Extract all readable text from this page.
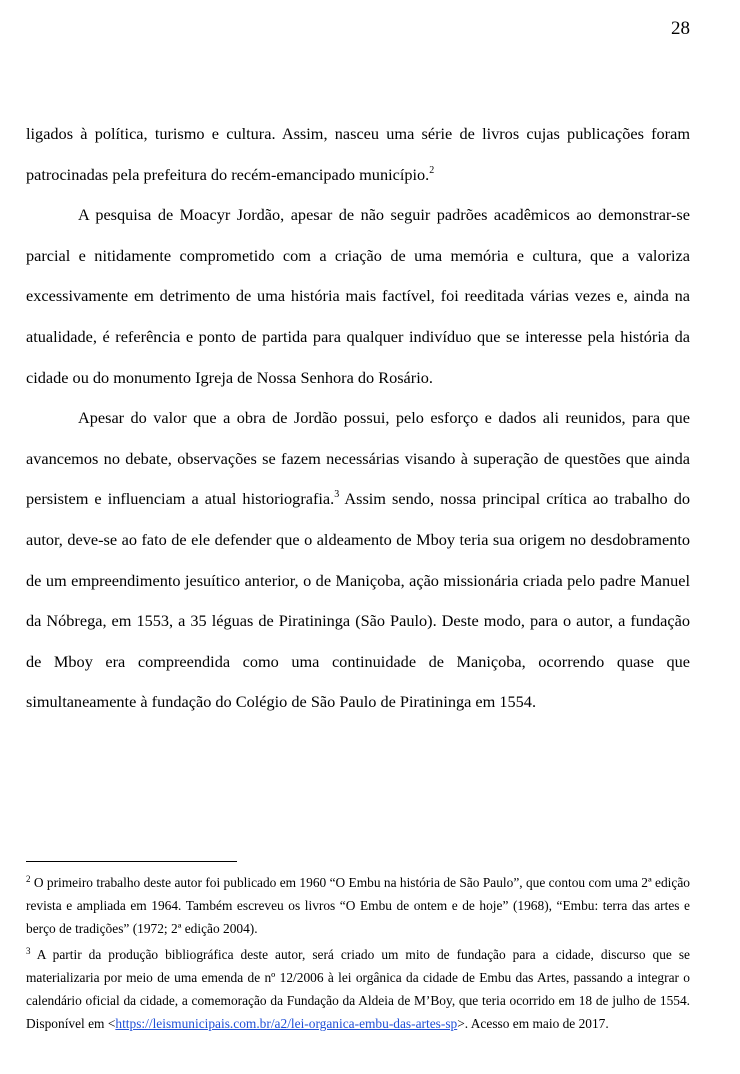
28

ligados à política, turismo e cultura. Assim, nasceu uma série de livros cujas publicações foram patrocinadas pela prefeitura do recém-emancipado município.$^2$

A pesquisa de Moacyr Jordão, apesar de não seguir padrões acadêmicos ao demonstrar-se parcial e nitidamente comprometido com a criação de uma memória e cultura, que a valoriza excessivamente em detrimento de uma história mais factível, foi reeditada várias vezes e, ainda na atualidade, é referência e ponto de partida para qualquer indivíduo que se interesse pela história da cidade ou do monumento Igreja de Nossa Senhora do Rosário.

Apesar do valor que a obra de Jordão possui, pelo esforço e dados ali reunidos, para que avancemos no debate, observações se fazem necessárias visando à superação de questões que ainda persistem e influenciam a atual historiografia.$^3$ Assim sendo, nossa principal crítica ao trabalho do autor, deve-se ao fato de ele defender que o aldeamento de Mboy teria sua origem no desdobramento de um empreendimento jesuítico anterior, o de Maniçoba, ação missionária criada pelo padre Manuel da Nóbrega, em 1553, a 35 léguas de Piratininga (São Paulo). Deste modo, para o autor, a fundação de Mboy era compreendida como uma continuidade de Maniçoba, ocorrendo quase que simultaneamente à fundação do Colégio de São Paulo de Piratininga em 1554.

$^2$ O primeiro trabalho deste autor foi publicado em 1960 “O Embu na história de São Paulo”, que contou com uma 2ª edição revista e ampliada em 1964. Também escreveu os livros “O Embu de ontem e de hoje” (1968), “Embu: terra das artes e berço de tradições” (1972; 2ª edição 2004).

$^3$ A partir da produção bibliográfica deste autor, será criado um mito de fundação para a cidade, discurso que se materializaria por meio de uma emenda de nº 12/2006 à lei orgânica da cidade de Embu das Artes, passando a integrar o calendário oficial da cidade, a comemoração da Fundação da Aldeia de M’Boy, que teria ocorrido em 18 de julho de 1554. Disponível em <https://leismunicipais.com.br/a2/lei-organica-embu-das-artes-sp>. Acesso em maio de 2017.
